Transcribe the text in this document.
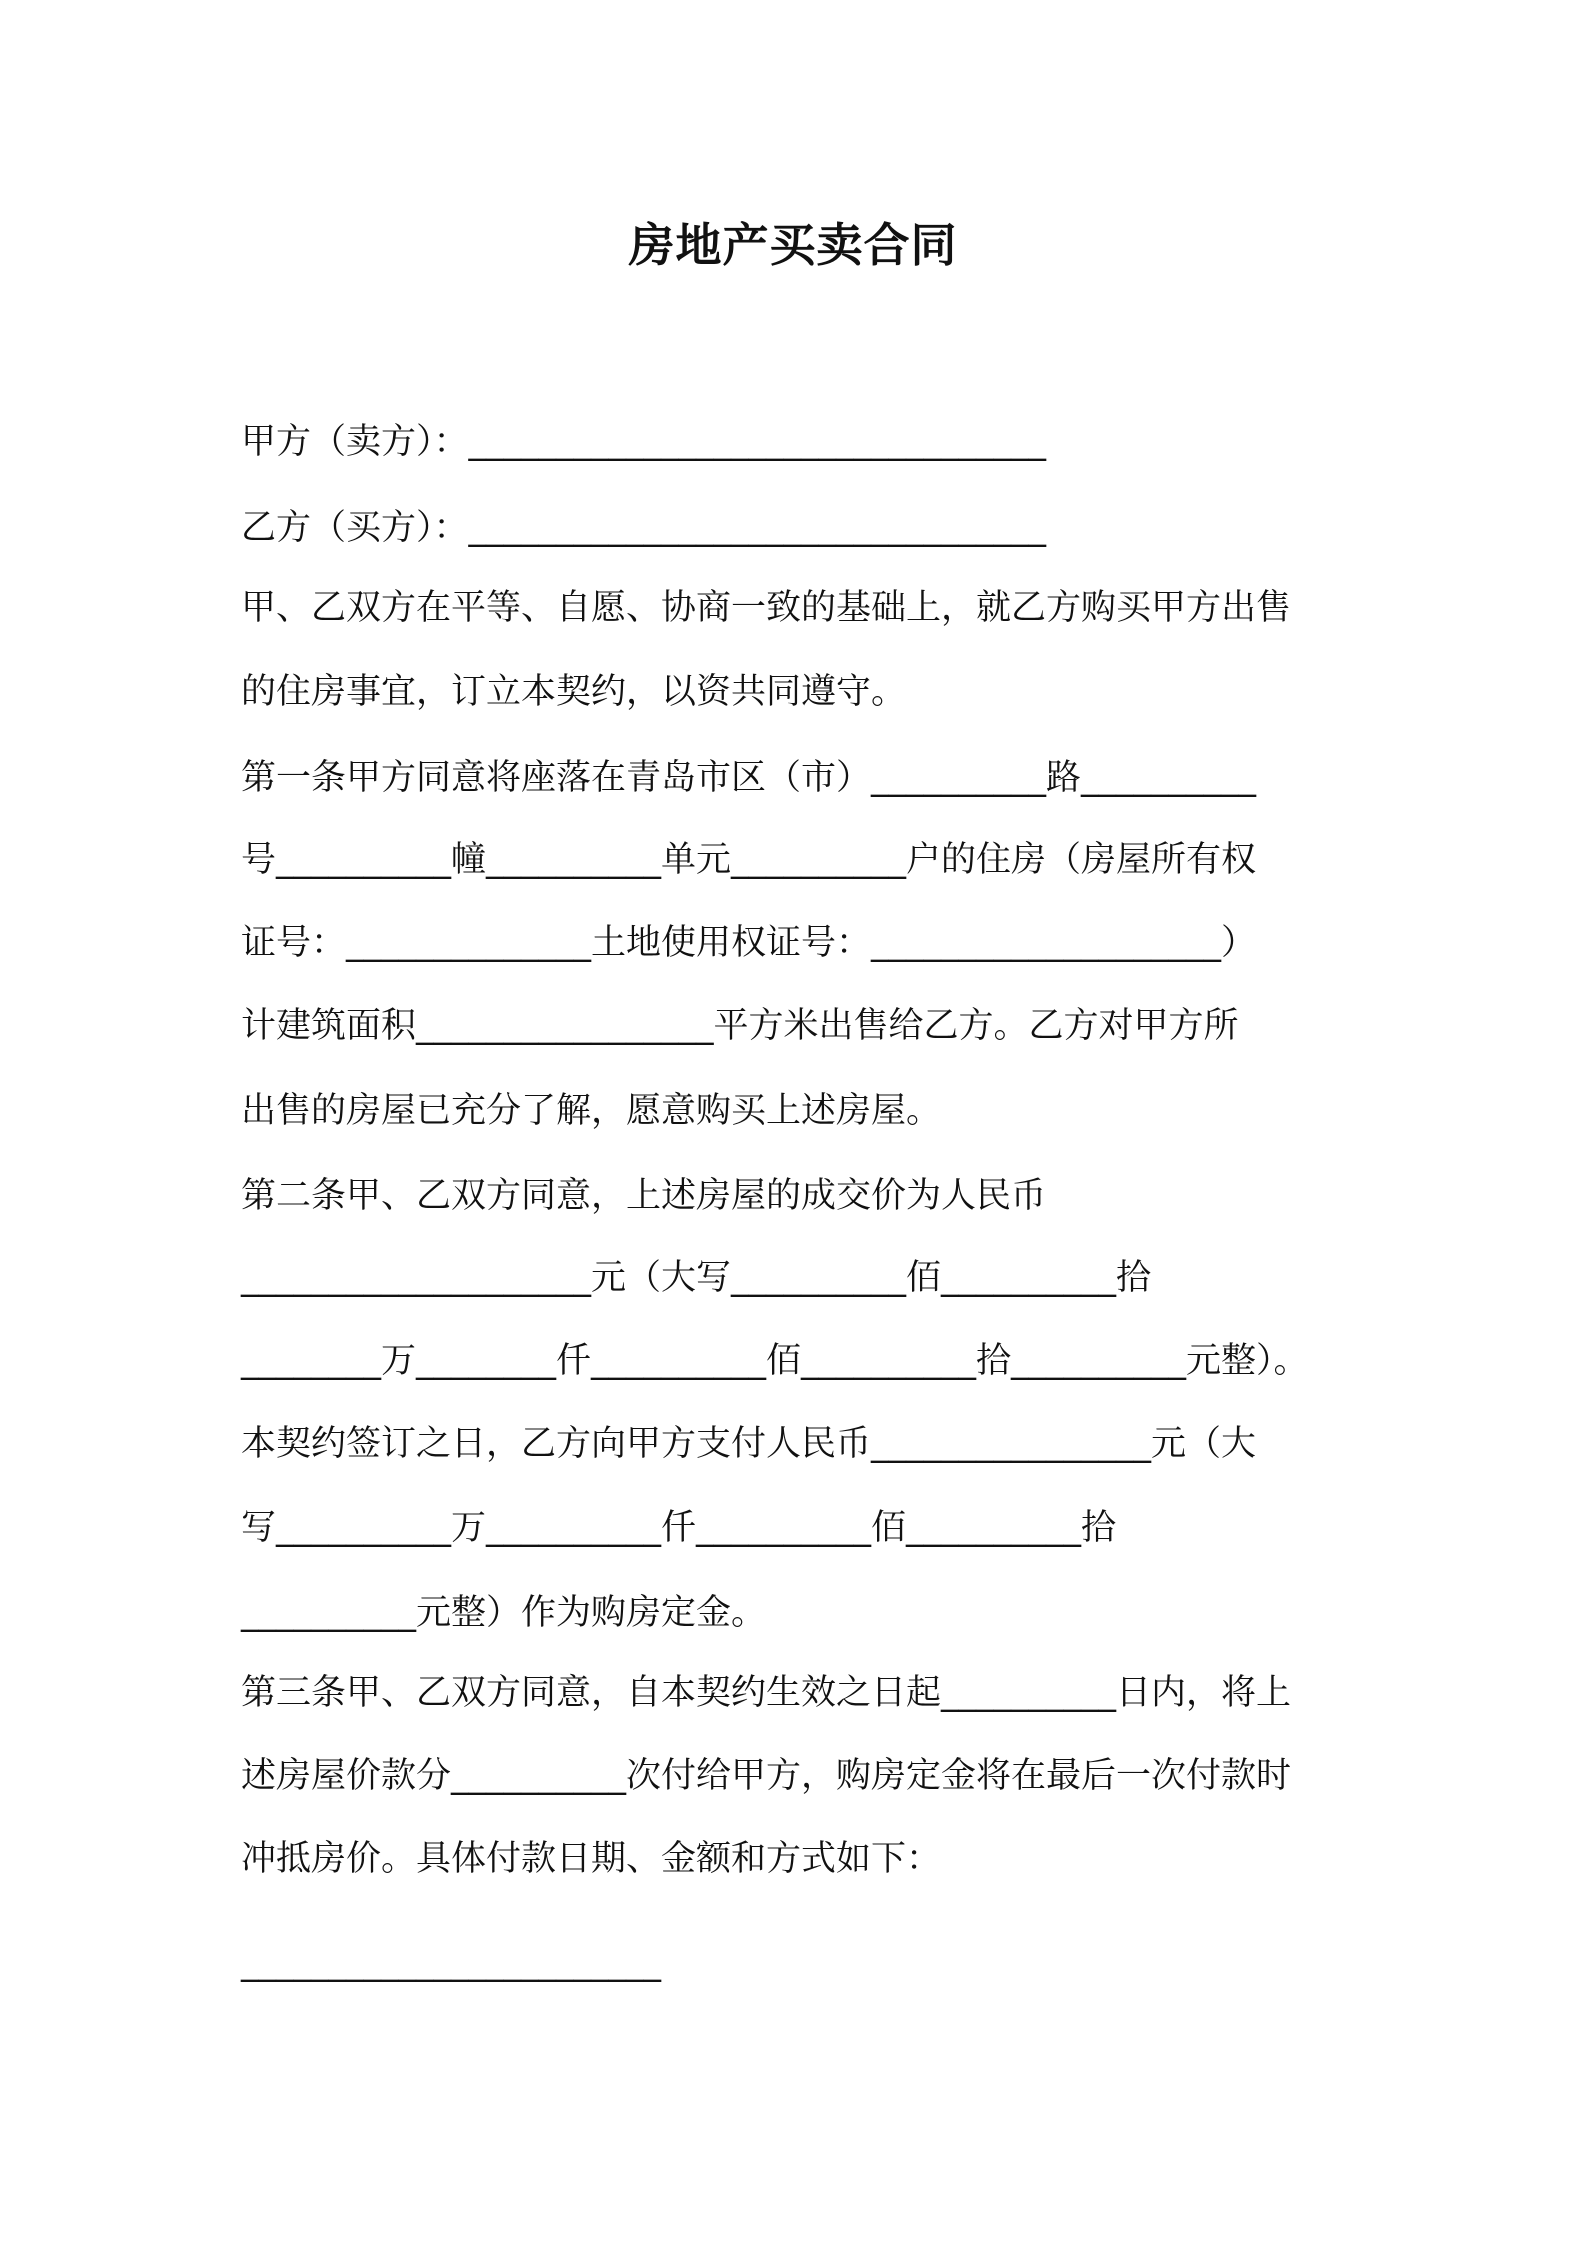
房地产买卖合同
甲方（卖方）：_________________________________
乙方（买方）：_________________________________
甲、乙双方在平等、自愿、协商一致的基础上，就乙方购买甲方出售
的住房事宜，订立本契约，以资共同遵守。
第一条甲方同意将座落在青岛市区（市）__________路__________
号__________幢__________单元__________户的住房（房屋所有权
证号：______________土地使用权证号：____________________）
计建筑面积_________________平方米出售给乙方。乙方对甲方所
出售的房屋已充分了解，愿意购买上述房屋。
第二条甲、乙双方同意，上述房屋的成交价为人民币
____________________元（大写__________佰__________拾
________万________仟__________佰__________拾__________元整）。
本契约签订之日，乙方向甲方支付人民币________________元（大
写__________万__________仟__________佰__________拾
__________元整）作为购房定金。
第三条甲、乙双方同意，自本契约生效之日起__________日内，将上
述房屋价款分__________次付给甲方，购房定金将在最后一次付款时
冲抵房价。具体付款日期、金额和方式如下：
________________________
